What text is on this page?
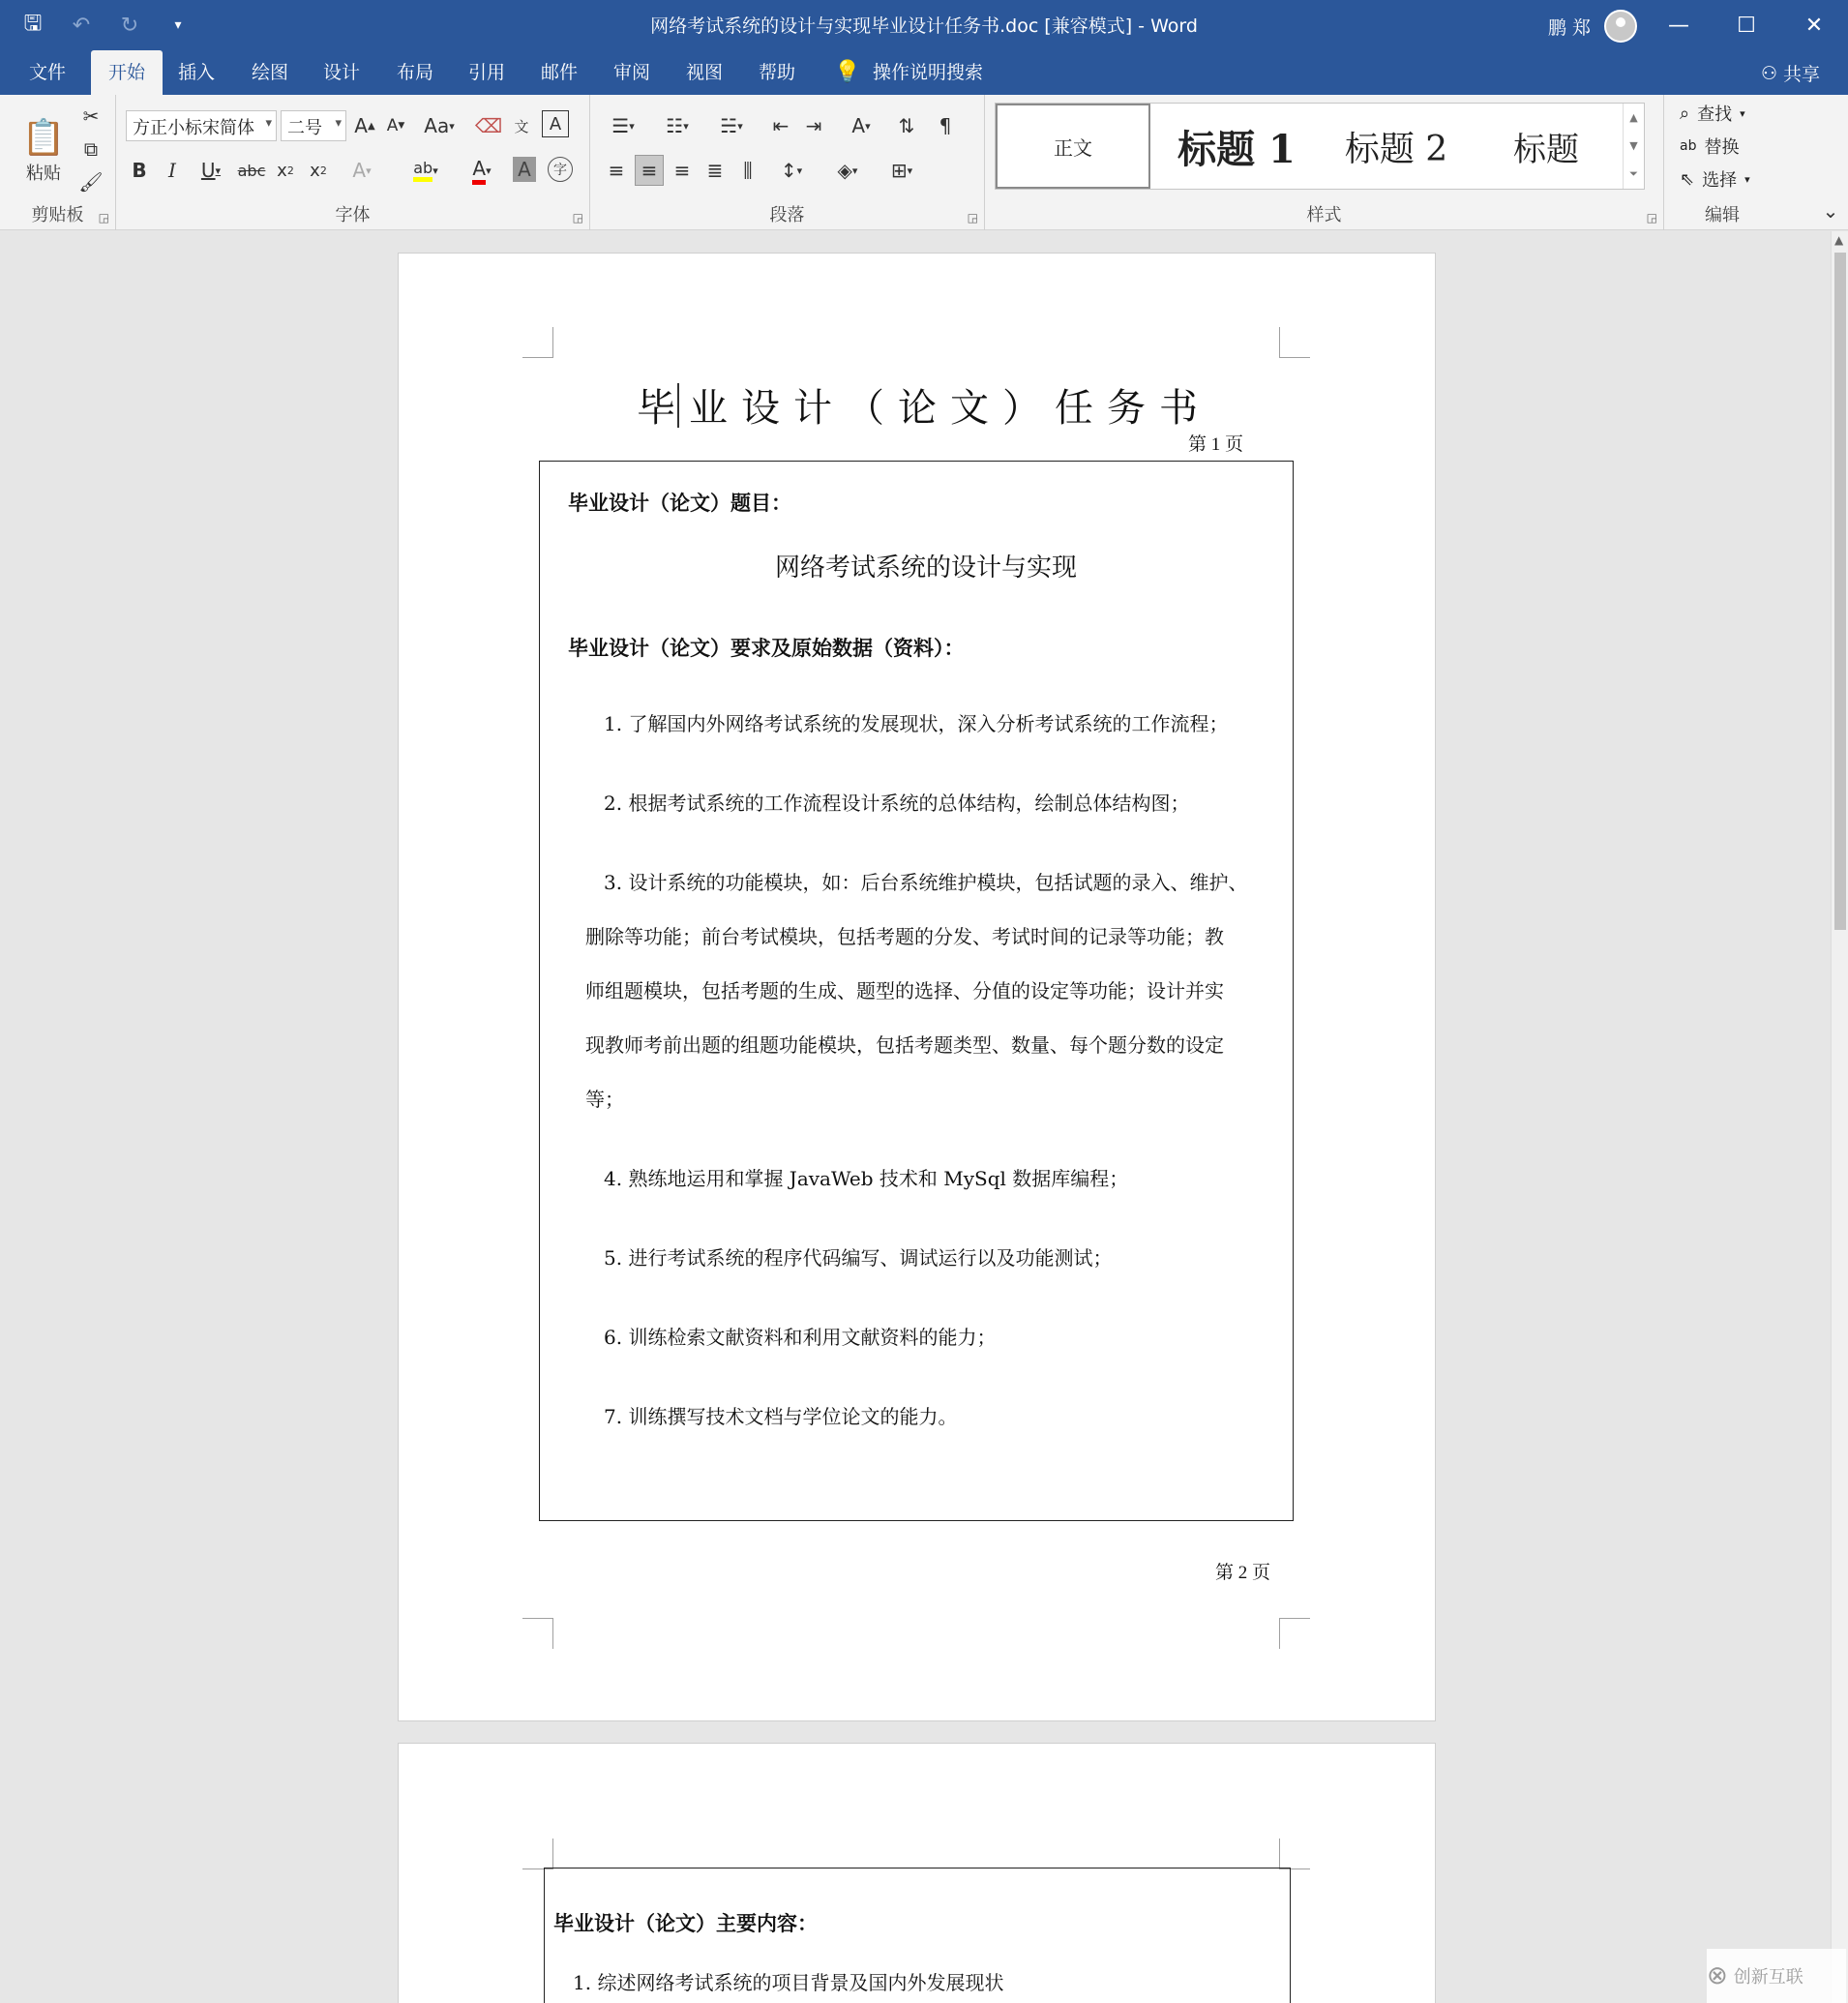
🖫	↶	↻	▾	网络考试系统的设计与实现毕业设计任务书.doc [兼容模式] - Word	鹏 郑	—	☐	✕
文件	开始	插入	绘图	设计	布局	引用	邮件	审阅	视图	帮助	💡 操作说明搜索	⚇ 共享
📋
粘贴
✂
⧉
🖌
剪贴板	◲
方正小标宋简体 ▾	二号 ▾	A ▲ A ▼ Aa ▾ ⌫ 文	A
B	I	U ▾ abc x 2 x 2	A ▾	ab ▾ A ▾ A	字
字体	◲
☰ ▾	☷ ▾	☵ ▾	⇤ ⇥	A ▾	⇅	¶
≡ ≡ ≡ ≣	⫼	↕ ▾	◈ ▾	⊞ ▾
段落	◲
正文	标题 1	标题 2	标题
▲
▼
⏷
样式	◲
⌕ 查找 ▾
ab 替换
⇖ 选择 ▾
编辑	⌄
毕业设计（论文）任务书
第 1 页
毕业设计（论文）题目：
网络考试系统的设计与实现
毕业设计（论文）要求及原始数据（资料）：
1. 了解国内外网络考试系统的发展现状，深入分析考试系统的工作流程；
2. 根据考试系统的工作流程设计系统的总体结构，绘制总体结构图；
3. 设计系统的功能模块，如：后台系统维护模块，包括试题的录入、维护、
删除等功能；前台考试模块，包括考题的分发、考试时间的记录等功能；教
师组题模块，包括考题的生成、题型的选择、分值的设定等功能；设计并实
现教师考前出题的组题功能模块，包括考题类型、数量、每个题分数的设定
等；
4. 熟练地运用和掌握 JavaWeb 技术和 MySql 数据库编程；
5. 进行考试系统的程序代码编写、调试运行以及功能测试；
6. 训练检索文献资料和利用文献资料的能力；
7. 训练撰写技术文档与学位论文的能力。
第 2 页
毕业设计（论文）主要内容：
1. 综述网络考试系统的项目背景及国内外发展现状
▲
⊗ 创新互联
